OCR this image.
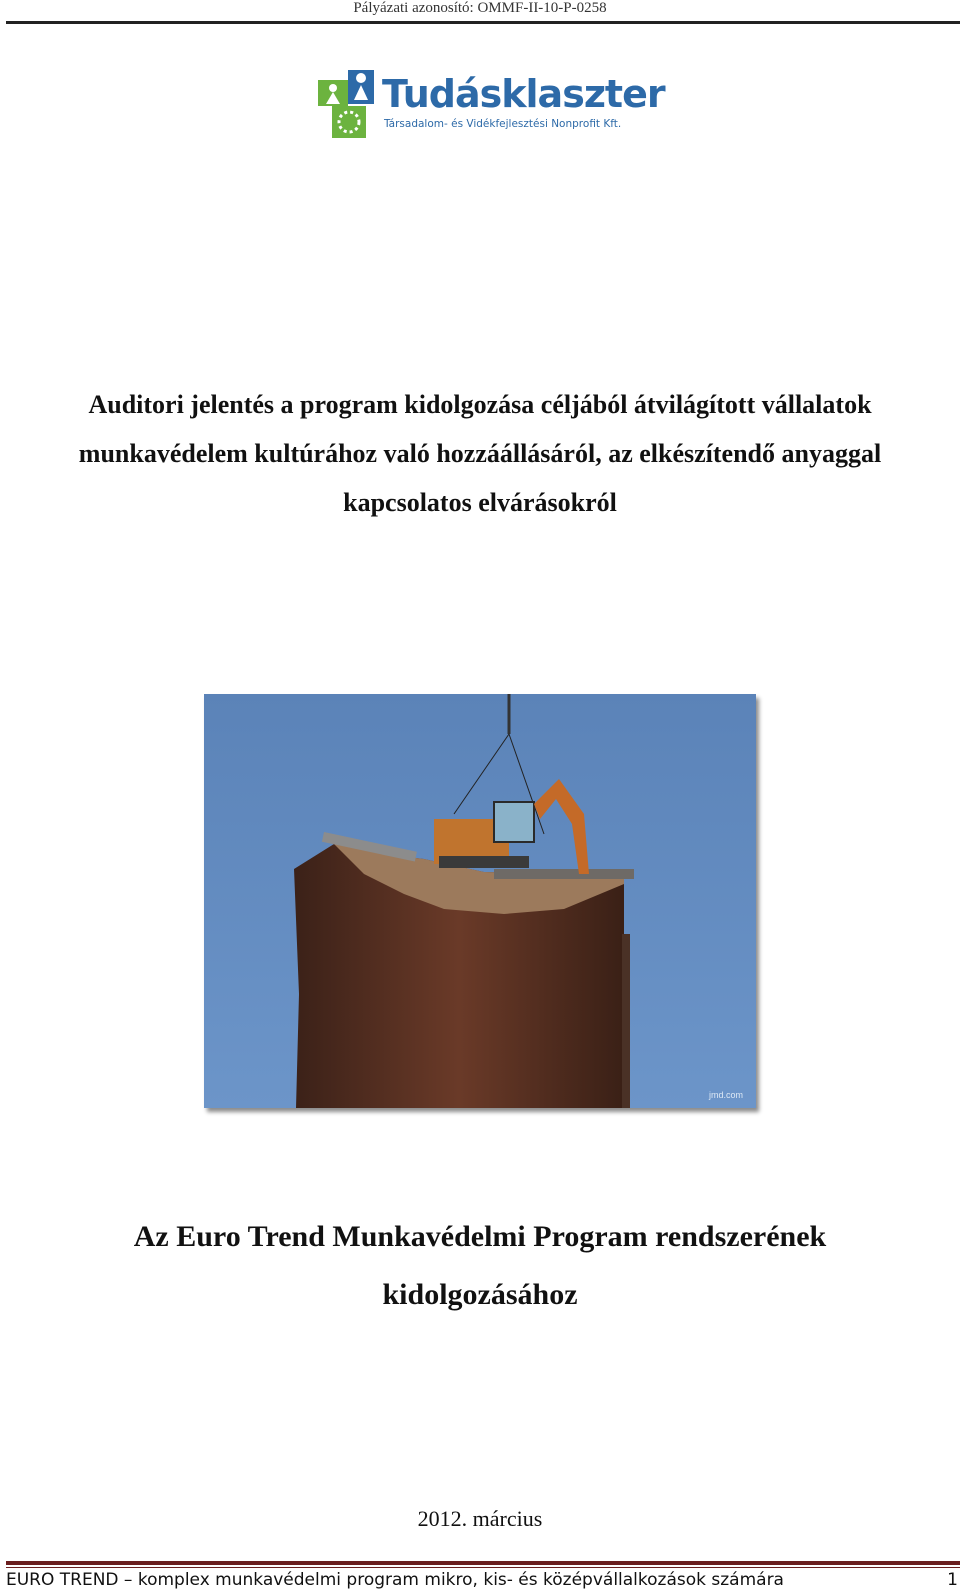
Pályázati azonosító: OMMF-II-10-P-0258
Tudásklaszter
Társadalom- és Vidékfejlesztési Nonprofit Kft.
Auditori jelentés a program kidolgozása céljából átvilágított vállalatok
munkavédelem kultúrához való hozzáállásáról, az elkészítendő anyaggal
kapcsolatos elvárásokról
jmd.com
Az Euro Trend Munkavédelmi Program rendszerének
kidolgozásához
2012. március
EURO TREND – komplex munkavédelmi program mikro, kis- és középvállalkozások számára	1
